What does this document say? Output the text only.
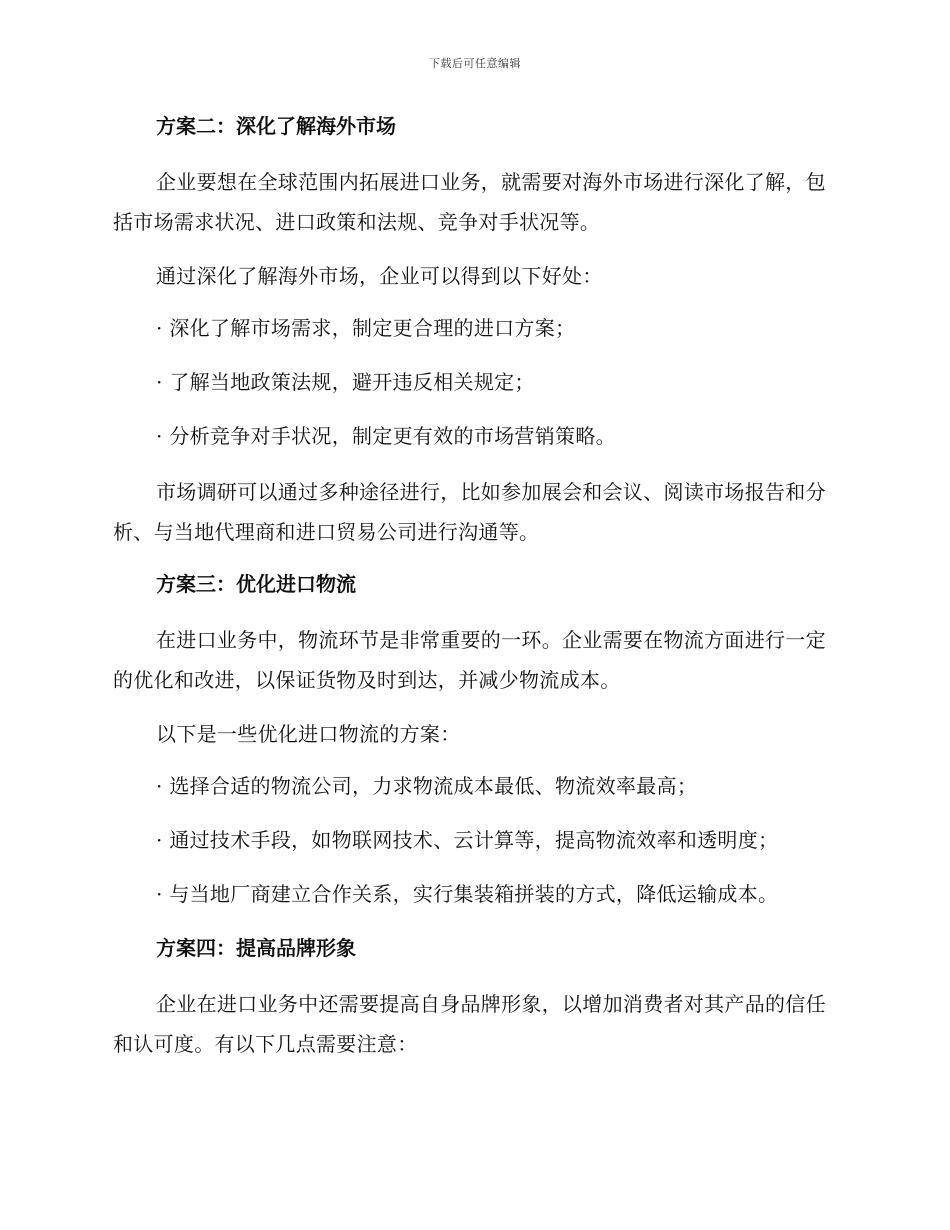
下载后可任意编辑
方案二：深化了解海外市场

企业要想在全球范围内拓展进口业务，就需要对海外市场进行深化了解，包括市场需求状况、进口政策和法规、竞争对手状况等。

通过深化了解海外市场，企业可以得到以下好处：

· 深化了解市场需求，制定更合理的进口方案；
· 了解当地政策法规，避开违反相关规定；
· 分析竞争对手状况，制定更有效的市场营销策略。

市场调研可以通过多种途径进行，比如参加展会和会议、阅读市场报告和分析、与当地代理商和进口贸易公司进行沟通等。

方案三：优化进口物流

在进口业务中，物流环节是非常重要的一环。企业需要在物流方面进行一定的优化和改进，以保证货物及时到达，并减少物流成本。

以下是一些优化进口物流的方案：

· 选择合适的物流公司，力求物流成本最低、物流效率最高；
· 通过技术手段，如物联网技术、云计算等，提高物流效率和透明度；
· 与当地厂商建立合作关系，实行集装箱拼装的方式，降低运输成本。
方案四：提高品牌形象

企业在进口业务中还需要提高自身品牌形象，以增加消费者对其产品的信任和认可度。有以下几点需要注意：
